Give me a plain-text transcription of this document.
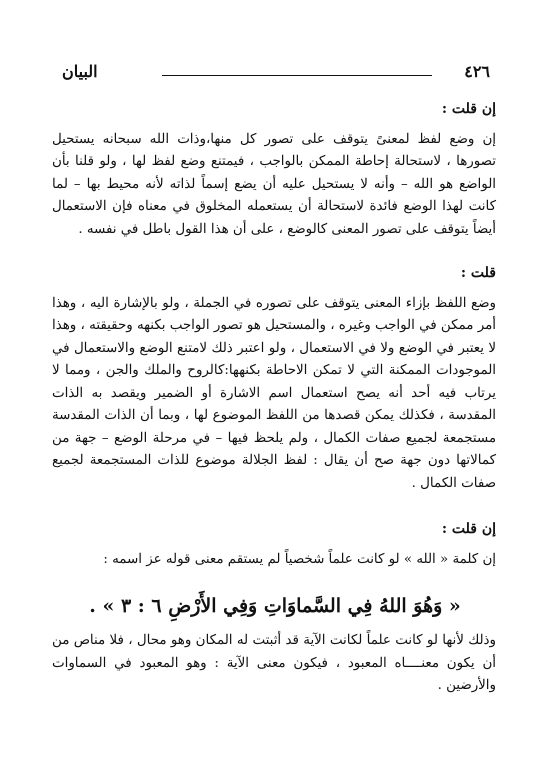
٤٢٦
البيان
إن قلت :
إن وضع لفظ لمعنىً يتوقف على تصور كل منها،وذات الله سبحانه يستحيل تصورها ، لاستحالة إحاطة الممكن بالواجب ، فيمتنع وضع لفظ لها ، ولو قلنا بأن الواضع هو الله – وأنه لا يستحيل عليه أن يضع إسماً لذاته لأنه محيط بها – لما كانت لهذا الوضع فائدة لاستحالة أن يستعمله المخلوق في معناه فإن الاستعمال أيضاً يتوقف على تصور المعنى كالوضع ، على أن هذا القول باطل في نفسه .
قلت :
وضع اللفظ بإزاء المعنى يتوقف على تصوره في الجملة ، ولو بالإشارة اليه ، وهذا أمر ممكن في الواجب وغيره ، والمستحيل هو تصور الواجب بكنهه وحقيقته ، وهذا لا يعتبر في الوضع ولا في الاستعمال ، ولو اعتبر ذلك لامتنع الوضع والاستعمال في الموجودات الممكنة التي لا تمكن الاحاطة بكنهها:كالروح والملك والجن ، ومما لا يرتاب فيه أحد أنه يصح استعمال اسم الاشارة أو الضمير ويقصد به الذات المقدسة ، فكذلك يمكن قصدها من اللفظ الموضوع لها ، وبما أن الذات المقدسة مستجمعة لجميع صفات الكمال ، ولم يلحظ فيها – في مرحلة الوضع – جهة من كمالاتها دون جهة صح أن يقال : لفظ الجلالة موضوع للذات المستجمعة لجميع صفات الكمال .
إن قلت :
إن كلمة « الله » لو كانت علماً شخصياً لم يستقم معنى قوله عز اسمه :
« وَهُوَ اللهُ فِي السَّماوَاتِ وَفِي الأَرْضِ ٦ : ٣ » .
وذلك لأنها لو كانت علماً لكانت الآية قد أثبتت له المكان وهو محال ، فلا مناص من أن يكون معنــــاه المعبود ، فيكون معنى الآية : وهو المعبود في السماوات والأرضين .
